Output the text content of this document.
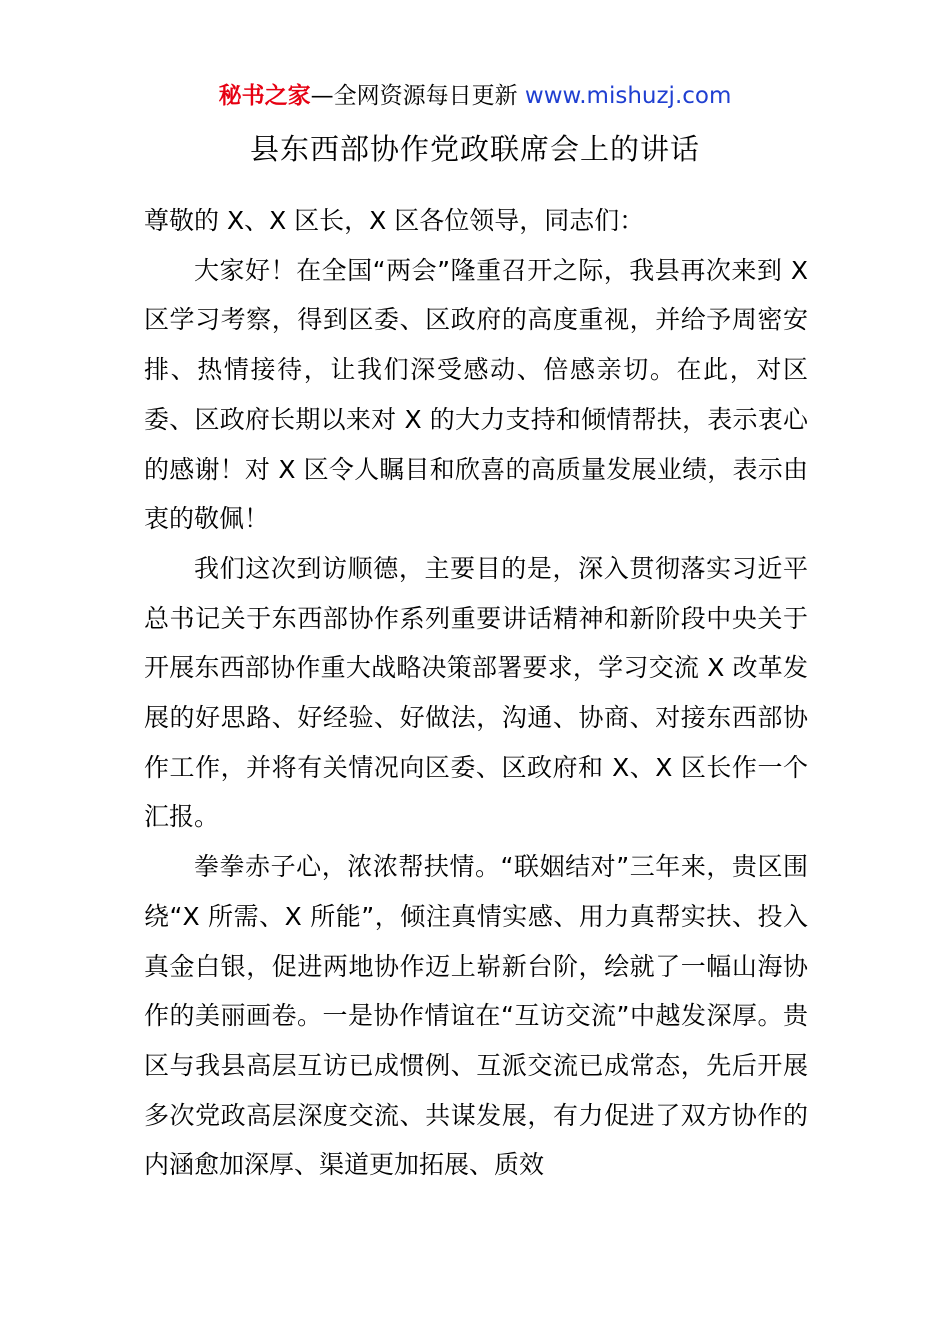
秘书之家—全网资源每日更新 www.mishuzj.com
县东西部协作党政联席会上的讲话

尊敬的 X、X 区长，X 区各位领导，同志们：

大家好！在全国“两会”隆重召开之际，我县再次来到 X 区学习考察，得到区委、区政府的高度重视，并给予周密安排、热情接待，让我们深受感动、倍感亲切。在此，对区委、区政府长期以来对 X 的大力支持和倾情帮扶，表示衷心的感谢！对 X 区令人瞩目和欣喜的高质量发展业绩，表示由衷的敬佩！

我们这次到访顺德，主要目的是，深入贯彻落实习近平总书记关于东西部协作系列重要讲话精神和新阶段中央关于开展东西部协作重大战略决策部署要求，学习交流 X 改革发展的好思路、好经验、好做法，沟通、协商、对接东西部协作工作，并将有关情况向区委、区政府和 X、X 区长作一个汇报。

拳拳赤子心，浓浓帮扶情。“联姻结对”三年来，贵区围绕“X 所需、X 所能”，倾注真情实感、用力真帮实扶、投入真金白银，促进两地协作迈上崭新台阶，绘就了一幅山海协作的美丽画卷。一是协作情谊在“互访交流”中越发深厚。贵区与我县高层互访已成惯例、互派交流已成常态，先后开展多次党政高层深度交流、共谋发展，有力促进了双方协作的内涵愈加深厚、渠道更加拓展、质效
